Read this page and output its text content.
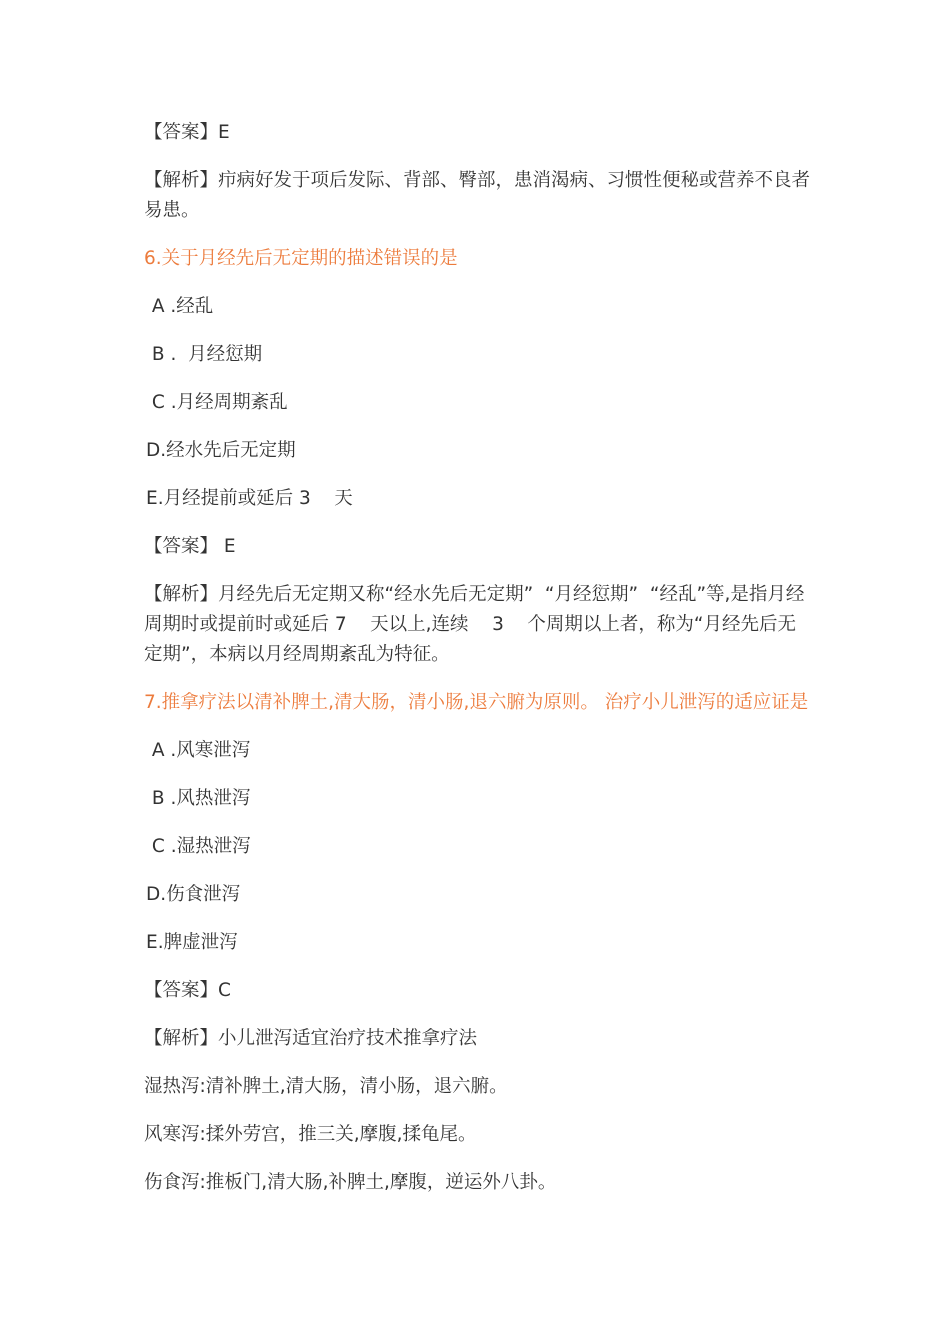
【答案】E
【解析】疖病好发于项后发际、背部、臀部，患消渴病、习惯性便秘或营养不良者易患。
6.关于月经先后无定期的描述错误的是
A .经乱
B .  月经愆期
C .月经周期紊乱
D.经水先后无定期
E.月经提前或延后 3    天
【答案】 E
【解析】月经先后无定期又称“经水先后无定期”  “月经愆期”  “经乱”等,是指月经周期时或提前时或延后 7    天以上,连续    3    个周期以上者，称为“月经先后无定期”，本病以月经周期紊乱为特征。
7.推拿疗法以清补脾土,清大肠，清小肠,退六腑为原则。 治疗小儿泄泻的适应证是
A .风寒泄泻
B .风热泄泻
C .湿热泄泻
D.伤食泄泻
E.脾虚泄泻
【答案】C
【解析】小儿泄泻适宜治疗技术推拿疗法
湿热泻:清补脾土,清大肠，清小肠，退六腑。
风寒泻:揉外劳宫，推三关,摩腹,揉龟尾。
伤食泻:推板门,清大肠,补脾土,摩腹，逆运外八卦。
